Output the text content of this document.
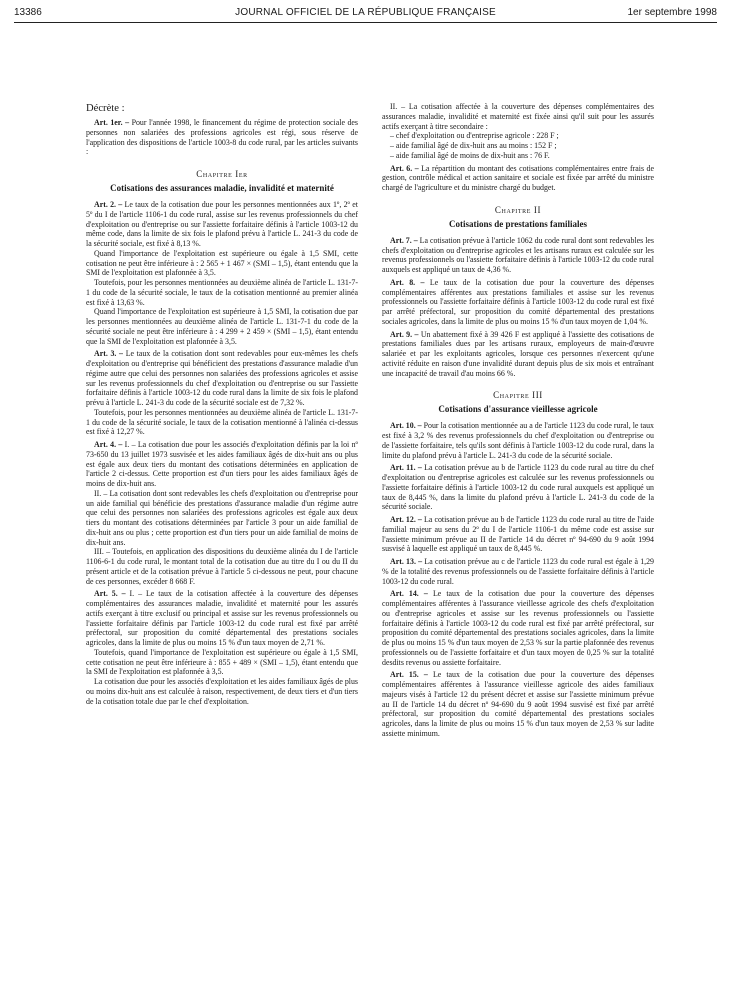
13386	JOURNAL OFFICIEL DE LA RÉPUBLIQUE FRANÇAISE	1er septembre 1998
Décrète :

Art. 1er. – Pour l'année 1998, le financement du régime de protection sociale des personnes non salariées des professions agricoles est régi, sous réserve de l'application des dispositions de l'article 1003-8 du code rural, par les articles suivants :

Chapitre Ier
Cotisations des assurances maladie, invalidité et maternité

Art. 2. – Le taux de la cotisation due pour les personnes mentionnées aux 1º, 2º et 5º du I de l'article 1106-1 du code rural, assise sur les revenus professionnels du chef d'exploitation ou d'entreprise ou sur l'assiette forfaitaire définis à l'article 1003-12 du même code, dans la limite de six fois le plafond prévu à l'article L. 241-3 du code de la sécurité sociale, est fixé à 8,13 %.

Quand l'importance de l'exploitation est supérieure ou égale à 1,5 SMI, cette cotisation ne peut être inférieure à : 2 565 + 1 467 × (SMI – 1,5), étant entendu que la SMI de l'exploitation est plafonnée à 3,5.

Toutefois, pour les personnes mentionnées au deuxième alinéa de l'article L. 131-7-1 du code de la sécurité sociale, le taux de la cotisation mentionné au premier alinéa est fixé à 13,63 %.

Quand l'importance de l'exploitation est supérieure à 1,5 SMI, la cotisation due par les personnes mentionnées au deuxième alinéa de l'article L. 131-7-1 du code de la sécurité sociale ne peut être inférieure à : 4 299 + 2 459 × (SMI – 1,5), étant entendu que la SMI de l'exploitation est plafonnée à 3,5.

Art. 3. – Le taux de la cotisation dont sont redevables pour eux-mêmes les chefs d'exploitation ou d'entreprise qui bénéficient des prestations d'assurance maladie d'un régime autre que celui des personnes non salariées des professions agricoles et assise sur les revenus professionnels du chef d'exploitation ou d'entreprise ou sur l'assiette forfaitaire définis à l'article 1003-12 du code rural dans la limite de six fois le plafond prévu à l'article L. 241-3 du code de la sécurité sociale est de 7,32 %.

Toutefois, pour les personnes mentionnées au deuxième alinéa de l'article L. 131-7-1 du code de la sécurité sociale, le taux de la cotisation mentionné à l'alinéa ci-dessus est fixé à 12,27 %.

Art. 4. – I. – La cotisation due pour les associés d'exploitation définis par la loi nº 73-650 du 13 juillet 1973 susvisée et les aides familiaux âgés de dix-huit ans ou plus est égale aux deux tiers du montant des cotisations déterminées en application de l'article 2 ci-dessus. Cette proportion est d'un tiers pour les aides familiaux âgés de moins de dix-huit ans.

II. – La cotisation dont sont redevables les chefs d'exploitation ou d'entreprise pour un aide familial qui bénéficie des prestations d'assurance maladie d'un régime autre que celui des personnes non salariées des professions agricoles est égale aux deux tiers du montant des cotisations déterminées par l'article 3 pour un aide familial de dix-huit ans ou plus ; cette proportion est d'un tiers pour un aide familial de moins de dix-huit ans.

III. – Toutefois, en application des dispositions du deuxième alinéa du I de l'article 1106-6-1 du code rural, le montant total de la cotisation due au titre du I ou du II du présent article et de la cotisation prévue à l'article 5 ci-dessous ne peut, pour chacune de ces personnes, excéder 8 668 F.

Art. 5. – I. – Le taux de la cotisation affectée à la couverture des dépenses complémentaires des assurances maladie, invalidité et maternité pour les assurés actifs exerçant à titre exclusif ou principal et assise sur les revenus professionnels ou l'assiette forfaitaire définis par l'article 1003-12 du code rural est fixé par arrêté préfectoral, sur proposition du comité départemental des prestations sociales agricoles, dans la limite de plus ou moins 15 % d'un taux moyen de 2,71 %.

Toutefois, quand l'importance de l'exploitation est supérieure ou égale à 1,5 SMI, cette cotisation ne peut être inférieure à : 855 + 489 × (SMI – 1,5), étant entendu que la SMI de l'exploitation est plafonnée à 3,5.

La cotisation due pour les associés d'exploitation et les aides familiaux âgés de plus ou moins dix-huit ans est calculée à raison, respectivement, de deux tiers et d'un tiers de la cotisation totale due par le chef d'exploitation.

II. – La cotisation affectée à la couverture des dépenses complémentaires des assurances maladie, invalidité et maternité est fixée ainsi qu'il suit pour les assurés actifs exerçant à titre secondaire :

– chef d'exploitation ou d'entreprise agricole : 228 F ;
– aide familial âgé de dix-huit ans au moins : 152 F ;
– aide familial âgé de moins de dix-huit ans : 76 F.

Art. 6. – La répartition du montant des cotisations complémentaires entre frais de gestion, contrôle médical et action sanitaire et sociale est fixée par arrêté du ministre chargé de l'agriculture et du ministre chargé du budget.

Chapitre II
Cotisations de prestations familiales

Art. 7. – La cotisation prévue à l'article 1062 du code rural dont sont redevables les chefs d'exploitation ou d'entreprise agricoles et les artisans ruraux est calculée sur les revenus professionnels ou l'assiette forfaitaire définis à l'article 1003-12 du code rural auxquels est appliqué un taux de 4,36 %.

Art. 8. – Le taux de la cotisation due pour la couverture des dépenses complémentaires afférentes aux prestations familiales et assise sur les revenus professionnels ou l'assiette forfaitaire définis à l'article 1003-12 du code rural est fixé par arrêté préfectoral, sur proposition du comité départemental des prestations sociales agricoles, dans la limite de plus ou moins 15 % d'un taux moyen de 1,04 %.

Art. 9. – Un abattement fixé à 39 426 F est appliqué à l'assiette des cotisations de prestations familiales dues par les artisans ruraux, employeurs de main-d'œuvre salariée et par les exploitants agricoles, lorsque ces personnes n'exercent qu'une activité réduite en raison d'une invalidité durant depuis plus de six mois et entraînant une incapacité de travail d'au moins 66 %.

Chapitre III
Cotisations d'assurance vieillesse agricole

Art. 10. – Pour la cotisation mentionnée au a de l'article 1123 du code rural, le taux est fixé à 3,2 % des revenus professionnels du chef d'exploitation ou d'entreprise ou de l'assiette forfaitaire, tels qu'ils sont définis à l'article 1003-12 du code rural, dans la limite du plafond prévu à l'article L. 241-3 du code de la sécurité sociale.

Art. 11. – La cotisation prévue au b de l'article 1123 du code rural au titre du chef d'exploitation ou d'entreprise agricoles est calculée sur les revenus professionnels ou l'assiette forfaitaire définis à l'article 1003-12 du code rural auxquels est appliqué un taux de 8,445 %, dans la limite du plafond prévu à l'article L. 241-3 du code de la sécurité sociale.

Art. 12. – La cotisation prévue au b de l'article 1123 du code rural au titre de l'aide familial majeur au sens du 2º du I de l'article 1106-1 du même code est assise sur l'assiette minimum prévue au II de l'article 14 du décret nº 94-690 du 9 août 1994 susvisé à laquelle est appliqué un taux de 8,445 %.

Art. 13. – La cotisation prévue au c de l'article 1123 du code rural est égale à 1,29 % de la totalité des revenus professionnels ou de l'assiette forfaitaire définis à l'article 1003-12 du code rural.

Art. 14. – Le taux de la cotisation due pour la couverture des dépenses complémentaires afférentes à l'assurance vieillesse agricole des chefs d'exploitation ou d'entreprise agricoles et assise sur les revenus professionnels ou l'assiette forfaitaire définis à l'article 1003-12 du code rural est fixé par arrêté préfectoral, sur proposition du comité départemental des prestations sociales agricoles, dans la limite de plus ou moins 15 % d'un taux moyen de 2,53 % sur la partie plafonnée des revenus professionnels ou de l'assiette forfaitaire et d'un taux moyen de 0,25 % sur la totalité desdits revenus ou assiette forfaitaire.

Art. 15. – Le taux de la cotisation due pour la couverture des dépenses complémentaires afférentes à l'assurance vieillesse agricole des aides familiaux majeurs visés à l'article 12 du présent décret et assise sur l'assiette minimum prévue au II de l'article 14 du décret nº 94-690 du 9 août 1994 susvisé est fixé par arrêté préfectoral, sur proposition du comité départemental des prestations sociales agricoles, dans la limite de plus ou moins 15 % d'un taux moyen de 2,53 % sur ladite assiette minimum.
